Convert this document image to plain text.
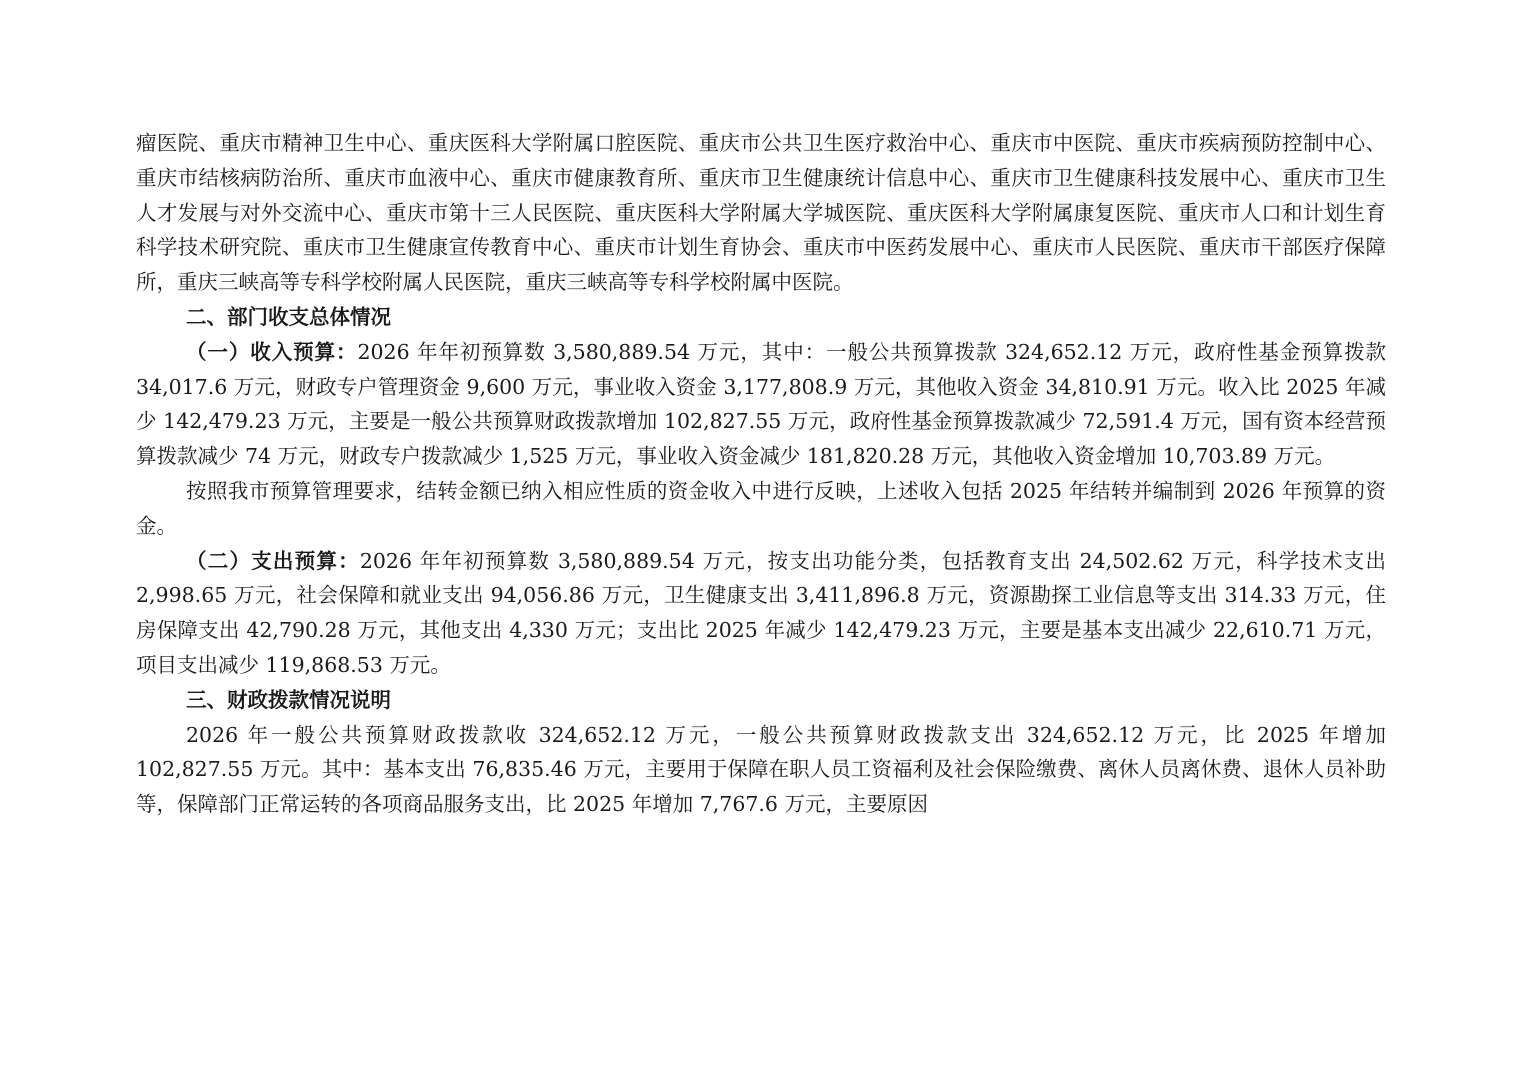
瘤医院、重庆市精神卫生中心、重庆医科大学附属口腔医院、重庆市公共卫生医疗救治中心、重庆市中医院、重庆市疾病预防控制中心、重庆市结核病防治所、重庆市血液中心、重庆市健康教育所、重庆市卫生健康统计信息中心、重庆市卫生健康科技发展中心、重庆市卫生人才发展与对外交流中心、重庆市第十三人民医院、重庆医科大学附属大学城医院、重庆医科大学附属康复医院、重庆市人口和计划生育科学技术研究院、重庆市卫生健康宣传教育中心、重庆市计划生育协会、重庆市中医药发展中心、重庆市人民医院、重庆市干部医疗保障所，重庆三峡高等专科学校附属人民医院，重庆三峡高等专科学校附属中医院。

二、部门收支总体情况

（一）收入预算：2026 年年初预算数 3,580,889.54 万元，其中：一般公共预算拨款 324,652.12 万元，政府性基金预算拨款 34,017.6 万元，财政专户管理资金 9,600 万元，事业收入资金 3,177,808.9 万元，其他收入资金 34,810.91 万元。收入比 2025 年减少 142,479.23 万元，主要是一般公共预算财政拨款增加 102,827.55 万元，政府性基金预算拨款减少 72,591.4 万元，国有资本经营预算拨款减少 74 万元，财政专户拨款减少 1,525 万元，事业收入资金减少 181,820.28 万元，其他收入资金增加 10,703.89 万元。

按照我市预算管理要求，结转金额已纳入相应性质的资金收入中进行反映，上述收入包括 2025 年结转并编制到 2026 年预算的资金。

（二）支出预算：2026 年年初预算数 3,580,889.54 万元，按支出功能分类，包括教育支出 24,502.62 万元，科学技术支出 2,998.65 万元，社会保障和就业支出 94,056.86 万元，卫生健康支出 3,411,896.8 万元，资源勘探工业信息等支出 314.33 万元，住房保障支出 42,790.28 万元，其他支出 4,330 万元；支出比 2025 年减少 142,479.23 万元，主要是基本支出减少 22,610.71 万元，项目支出减少 119,868.53 万元。

三、财政拨款情况说明

2026 年一般公共预算财政拨款收 324,652.12 万元，一般公共预算财政拨款支出 324,652.12 万元，比 2025 年增加 102,827.55 万元。其中：基本支出 76,835.46 万元，主要用于保障在职人员工资福利及社会保险缴费、离休人员离休费、退休人员补助等，保障部门正常运转的各项商品服务支出，比 2025 年增加 7,767.6 万元，主要原因
